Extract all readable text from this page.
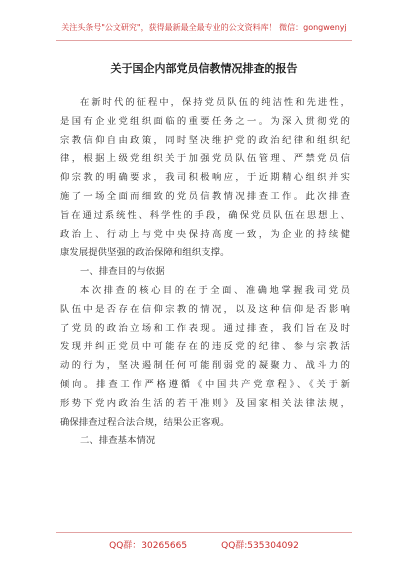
关注头条号"公文研究"，获得最新最全最专业的公文资料库！ 微信：gongwenyj
关于国企内部党员信教情况排查的报告

在新时代的征程中，保持党员队伍的纯洁性和先进性，
是国有企业党组织面临的重要任务之一。为深入贯彻党的
宗教信仰自由政策，同时坚决维护党的政治纪律和组织纪
律，根据上级党组织关于加强党员队伍管理、严禁党员信
仰宗教的明确要求，我司积极响应，于近期精心组织并实
施了一场全面而细致的党员信教情况排查工作。此次排查
旨在通过系统性、科学性的手段，确保党员队伍在思想上、
政治上、行动上与党中央保持高度一致，为企业的持续健
康发展提供坚强的政治保障和组织支撑。

一、排查目的与依据

本次排查的核心目的在于全面、准确地掌握我司党员
队伍中是否存在信仰宗教的情况，以及这种信仰是否影响
了党员的政治立场和工作表现。通过排查，我们旨在及时
发现并纠正党员中可能存在的违反党的纪律、参与宗教活
动的行为，坚决遏制任何可能削弱党的凝聚力、战斗力的
倾向。排查工作严格遵循《中国共产党章程》、《关于新
形势下党内政治生活的若干准则》及国家相关法律法规，
确保排查过程合法合规，结果公正客观。

二、排查基本情况

QQ群：30265665	QQ群:535304092
